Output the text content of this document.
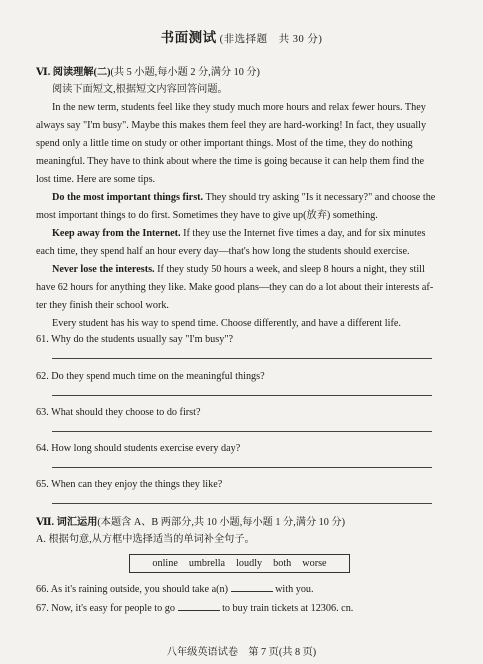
书面测试 (非选择题　共 30 分)
Ⅵ. 阅读理解(二)(共 5 小题,每小题 2 分,满分 10 分)
阅读下面短文,根据短文内容回答问题。
In the new term, students feel like they study much more hours and relax fewer hours. They
always say "I'm busy". Maybe this makes them feel they are hard-working! In fact, they usually
spend only a little time on study or other important things. Most of the time, they do nothing
meaningful. They have to think about where the time is going because it can help them find the
lost time. Here are some tips.
Do the most important things first. They should try asking "Is it necessary?" and choose the
most important things to do first. Sometimes they have to give up(放弃) something.
Keep away from the Internet. If they use the Internet five times a day, and for six minutes
each time, they spend half an hour every day—that's how long the students should exercise.
Never lose the interests. If they study 50 hours a week, and sleep 8 hours a night, they still
have 62 hours for anything they like. Make good plans—they can do a lot about their interests af-
ter they finish their school work.
Every student has his way to spend time. Choose differently, and have a different life.
61. Why do the students usually say "I'm busy"?
62. Do they spend much time on the meaningful things?
63. What should they choose to do first?
64. How long should students exercise every day?
65. When can they enjoy the things they like?
Ⅶ. 词汇运用(本题含 A、B 两部分,共 10 小题,每小题 1 分,满分 10 分)
A. 根据句意,从方框中选择适当的单词补全句子。
online umbrella loudly both worse
66. As it's raining outside, you should take a(n)	with you.
67. Now, it's easy for people to go	to buy train tickets at 12306. cn.
八年级英语试卷　第 7 页(共 8 页)
